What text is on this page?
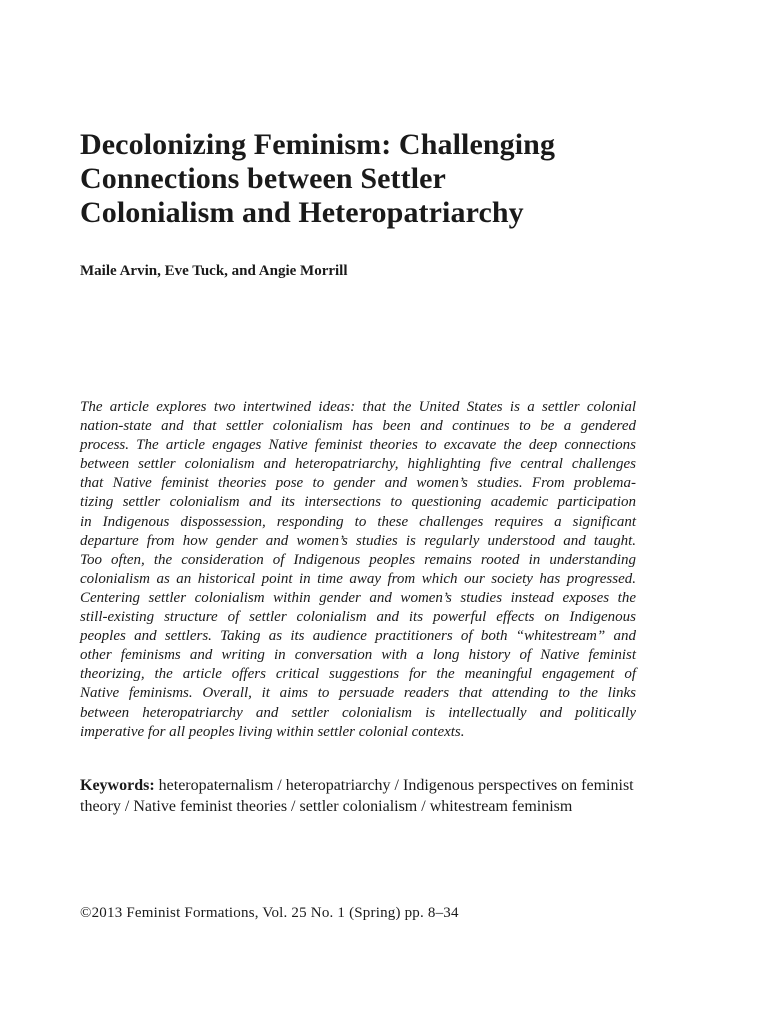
Decolonizing Feminism: Challenging
Connections between Settler
Colonialism and Heteropatriarchy
Maile Arvin, Eve Tuck, and Angie Morrill
The article explores two intertwined ideas: that the United States is a settler colonial
nation-state and that settler colonialism has been and continues to be a gendered
process. The article engages Native feminist theories to excavate the deep connections
between settler colonialism and heteropatriarchy, highlighting five central challenges
that Native feminist theories pose to gender and women’s studies. From problema-
tizing settler colonialism and its intersections to questioning academic participation
in Indigenous dispossession, responding to these challenges requires a significant
departure from how gender and women’s studies is regularly understood and taught.
Too often, the consideration of Indigenous peoples remains rooted in understanding
colonialism as an historical point in time away from which our society has progressed.
Centering settler colonialism within gender and women’s studies instead exposes the
still-existing structure of settler colonialism and its powerful effects on Indigenous
peoples and settlers. Taking as its audience practitioners of both “whitestream” and
other feminisms and writing in conversation with a long history of Native feminist
theorizing, the article offers critical suggestions for the meaningful engagement of
Native feminisms. Overall, it aims to persuade readers that attending to the links
between heteropatriarchy and settler colonialism is intellectually and politically
imperative for all peoples living within settler colonial contexts.

Keywords: heteropaternalism / heteropatriarchy / Indigenous perspectives on feminist theory / Native feminist theories / settler colonialism / whitestream feminism

©2013 Feminist Formations, Vol. 25 No. 1 (Spring) pp. 8–34
